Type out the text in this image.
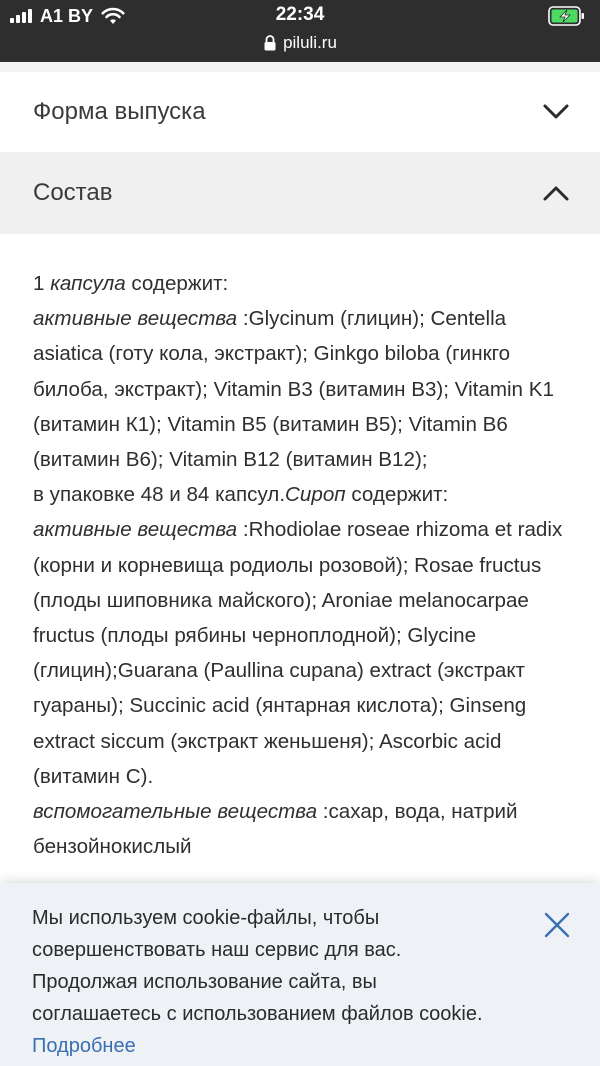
A1 BY	22:34
piluli.ru
Форма выпуска
Состав
1 капсула содержит:
активные вещества :Glycinum (глицин); Centella asiatica (готу кола, экстракт); Ginkgo biloba (гинкго билоба, экстракт); Vitamin B3 (витамин В3); Vitamin K1 (витамин К1); Vitamin B5 (витамин В5); Vitamin B6 (витамин В6); Vitamin B12 (витамин В12);
в упаковке 48 и 84 капсул.Сироп содержит:
активные вещества :Rhodiolae roseae rhizoma et radix (корни и корневища родиолы розовой); Rosae fructus (плоды шиповника майского); Aroniae melanocarpae fructus (плоды рябины черноплодной); Glycine (глицин);Guarana (Paullina cupana) extract (экстракт гуараны); Succinic acid (янтарная кислота); Ginseng extract siccum (экстракт женьшеня); Ascorbic acid (витамин С).
вспомогательные вещества :сахар, вода, натрий бензойнокислый
Мы используем cookie-файлы, чтобы совершенствовать наш сервис для вас. Продолжая использование сайта, вы соглашаетесь с использованием файлов cookie. Подробнее
